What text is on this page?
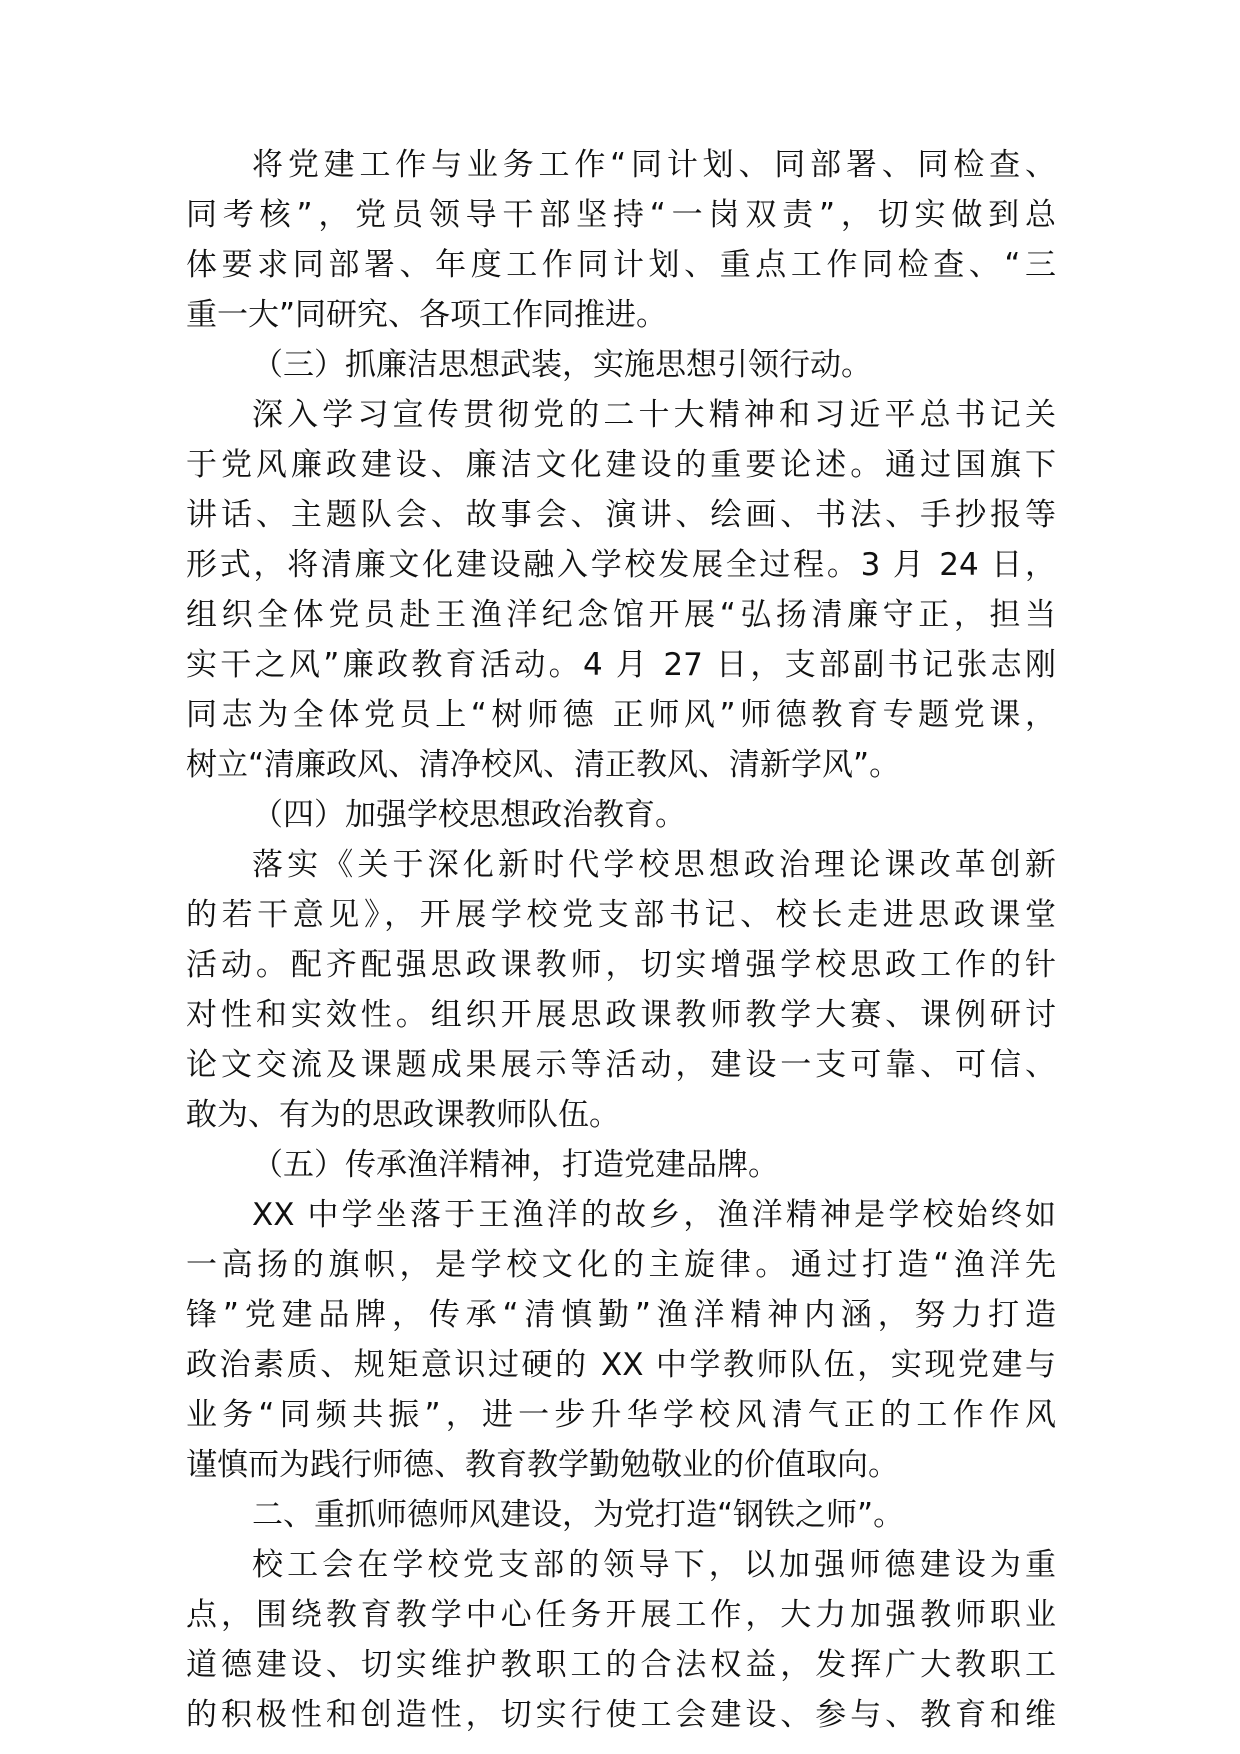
将党建工作与业务工作“同计划、同部署、同检查、
同考核”，党员领导干部坚持“一岗双责”，切实做到总
体要求同部署、年度工作同计划、重点工作同检查、“三
重一大”同研究、各项工作同推进。
（三）抓廉洁思想武装，实施思想引领行动。
深入学习宣传贯彻党的二十大精神和习近平总书记关
于党风廉政建设、廉洁文化建设的重要论述。通过国旗下
讲话、主题队会、故事会、演讲、绘画、书法、手抄报等
形式，将清廉文化建设融入学校发展全过程。3 月 24 日，
组织全体党员赴王渔洋纪念馆开展“弘扬清廉守正，担当
实干之风”廉政教育活动。4 月 27 日，支部副书记张志刚
同志为全体党员上“树师德 正师风”师德教育专题党课，
树立“清廉政风、清净校风、清正教风、清新学风”。
（四）加强学校思想政治教育。
落实《关于深化新时代学校思想政治理论课改革创新
的若干意见》，开展学校党支部书记、校长走进思政课堂
活动。配齐配强思政课教师，切实增强学校思政工作的针
对性和实效性。组织开展思政课教师教学大赛、课例研讨
论文交流及课题成果展示等活动，建设一支可靠、可信、
敢为、有为的思政课教师队伍。
（五）传承渔洋精神，打造党建品牌。
XX 中学坐落于王渔洋的故乡，渔洋精神是学校始终如
一高扬的旗帜，是学校文化的主旋律。通过打造“渔洋先
锋”党建品牌，传承“清慎勤”渔洋精神内涵，努力打造
政治素质、规矩意识过硬的 XX 中学教师队伍，实现党建与
业务“同频共振”，进一步升华学校风清气正的工作作风
谨慎而为践行师德、教育教学勤勉敬业的价值取向。
二、重抓师德师风建设，为党打造“钢铁之师”。
校工会在学校党支部的领导下，以加强师德建设为重
点，围绕教育教学中心任务开展工作，大力加强教师职业
道德建设、切实维护教职工的合法权益，发挥广大教职工
的积极性和创造性，切实行使工会建设、参与、教育和维
